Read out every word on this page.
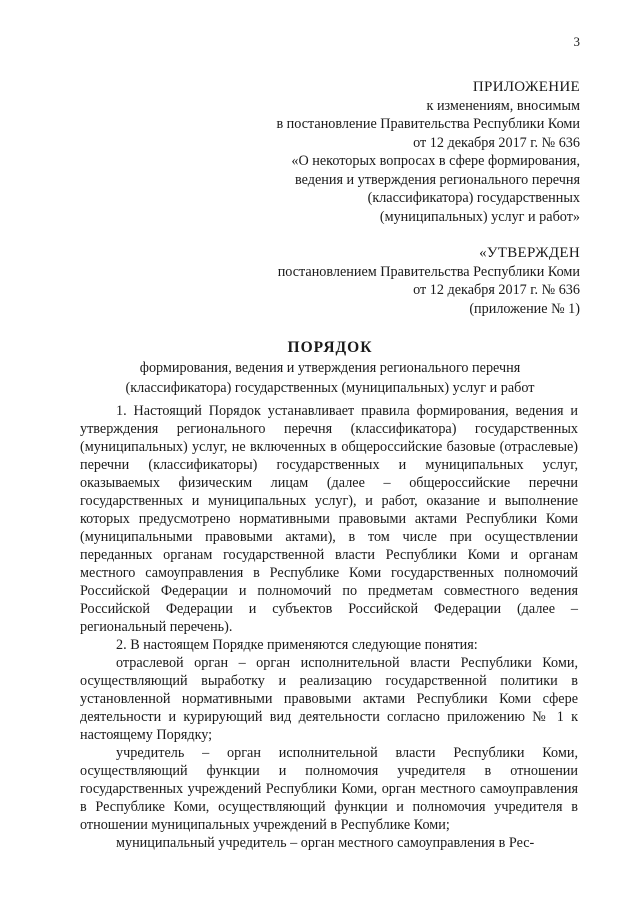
3
ПРИЛОЖЕНИЕ
к изменениям, вносимым
в постановление Правительства Республики Коми
от 12 декабря 2017 г. № 636
«О некоторых вопросах в сфере формирования,
ведения и утверждения регионального перечня
(классификатора) государственных
(муниципальных) услуг и работ»
«УТВЕРЖДЕН
постановлением Правительства Республики Коми
от 12 декабря 2017 г. № 636
(приложение № 1)
ПОРЯДОК
формирования, ведения и утверждения регионального перечня
(классификатора) государственных (муниципальных) услуг и работ

1. Настоящий Порядок устанавливает правила формирования, ведения и утверждения регионального перечня (классификатора) государственных (муниципальных) услуг, не включенных в общероссийские базовые (отраслевые) перечни (классификаторы) государственных и муниципальных услуг, оказываемых физическим лицам (далее – общероссийские перечни государственных и муниципальных услуг), и работ, оказание и выполнение которых предусмотрено нормативными правовыми актами Республики Коми (муниципальными правовыми актами), в том числе при осуществлении переданных органам государственной власти Республики Коми и органам местного самоуправления в Республике Коми государственных полномочий Российской Федерации и полномочий по предметам совместного ведения Российской Федерации и субъектов Российской Федерации (далее – региональный перечень).

2. В настоящем Порядке применяются следующие понятия:

отраслевой орган – орган исполнительной власти Республики Коми, осуществляющий выработку и реализацию государственной политики в установленной нормативными правовыми актами Республики Коми сфере деятельности и курирующий вид деятельности согласно приложению № 1 к настоящему Порядку;

учредитель – орган исполнительной власти Республики Коми, осуществляющий функции и полномочия учредителя в отношении государственных учреждений Республики Коми, орган местного самоуправления в Республике Коми, осуществляющий функции и полномочия учредителя в отношении муниципальных учреждений в Республике Коми;

муниципальный учредитель – орган местного самоуправления в Рес-
